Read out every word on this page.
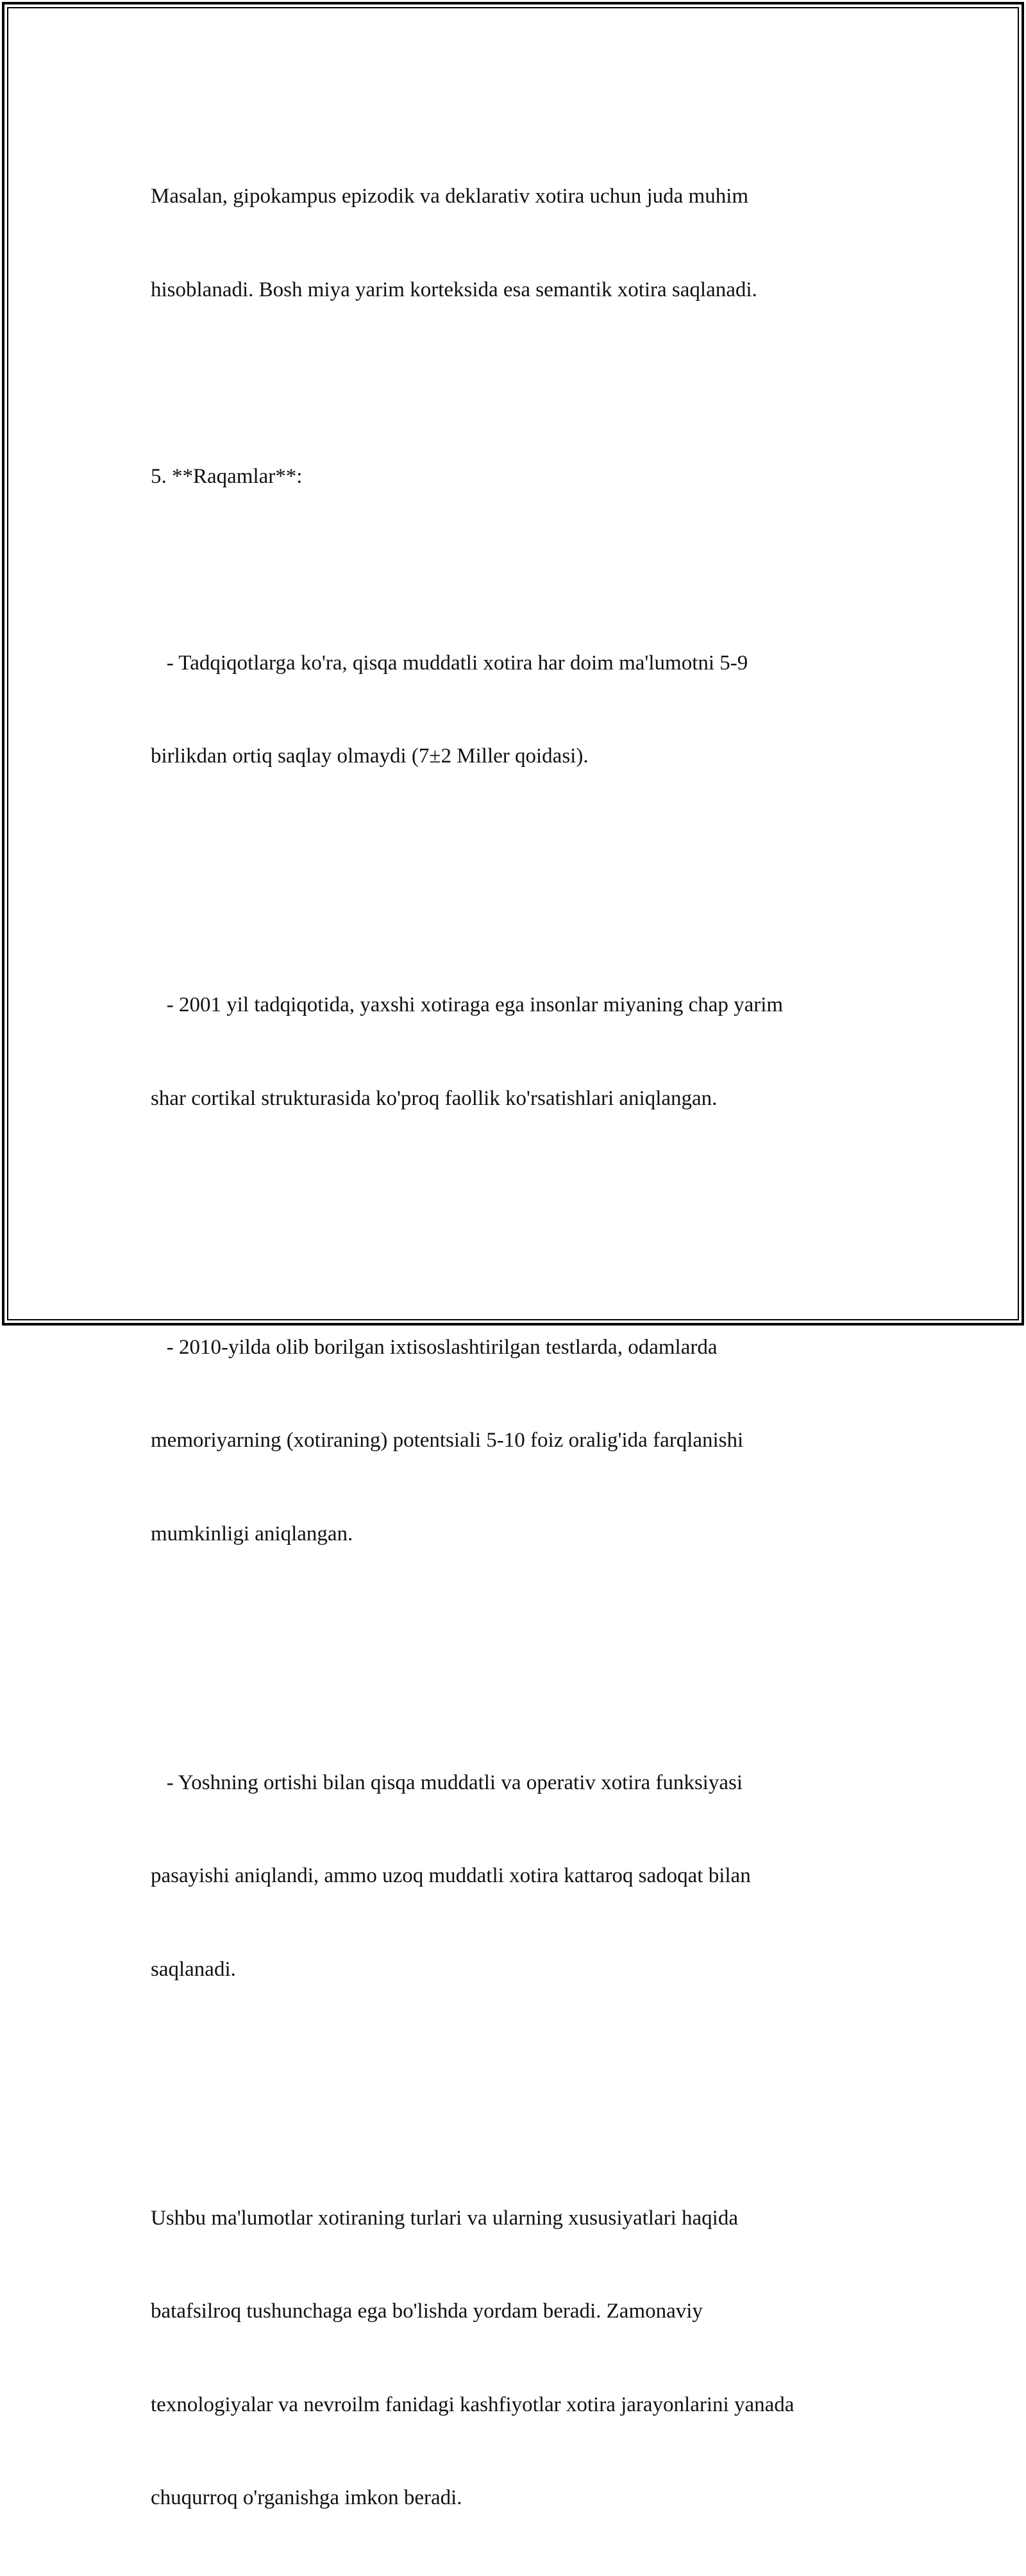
Masalan, gipokampus epizodik va deklarativ xotira uchun juda muhim

hisoblanadi. Bosh miya yarim korteksida esa semantik xotira saqlanadi.

5. **Raqamlar**:

- Tadqiqotlarga ko'ra, qisqa muddatli xotira har doim ma'lumotni 5-9

birlikdan ortiq saqlay olmaydi (7±2 Miller qoidasi).

- 2001 yil tadqiqotida, yaxshi xotiraga ega insonlar miyaning chap yarim

shar cortikal strukturasida ko'proq faollik ko'rsatishlari aniqlangan.

- 2010-yilda olib borilgan ixtisoslashtirilgan testlarda, odamlarda

memoriyarning (xotiraning) potentsiali 5-10 foiz oralig'ida farqlanishi

mumkinligi aniqlangan.

- Yoshning ortishi bilan qisqa muddatli va operativ xotira funksiyasi

pasayishi aniqlandi, ammo uzoq muddatli xotira kattaroq sadoqat bilan

saqlanadi.

Ushbu ma'lumotlar xotiraning turlari va ularning xususiyatlari haqida

batafsilroq tushunchaga ega bo'lishda yordam beradi. Zamonaviy

texnologiyalar va nevroilm fanidagi kashfiyotlar xotira jarayonlarini yanada

chuqurroq o'rganishga imkon beradi.
